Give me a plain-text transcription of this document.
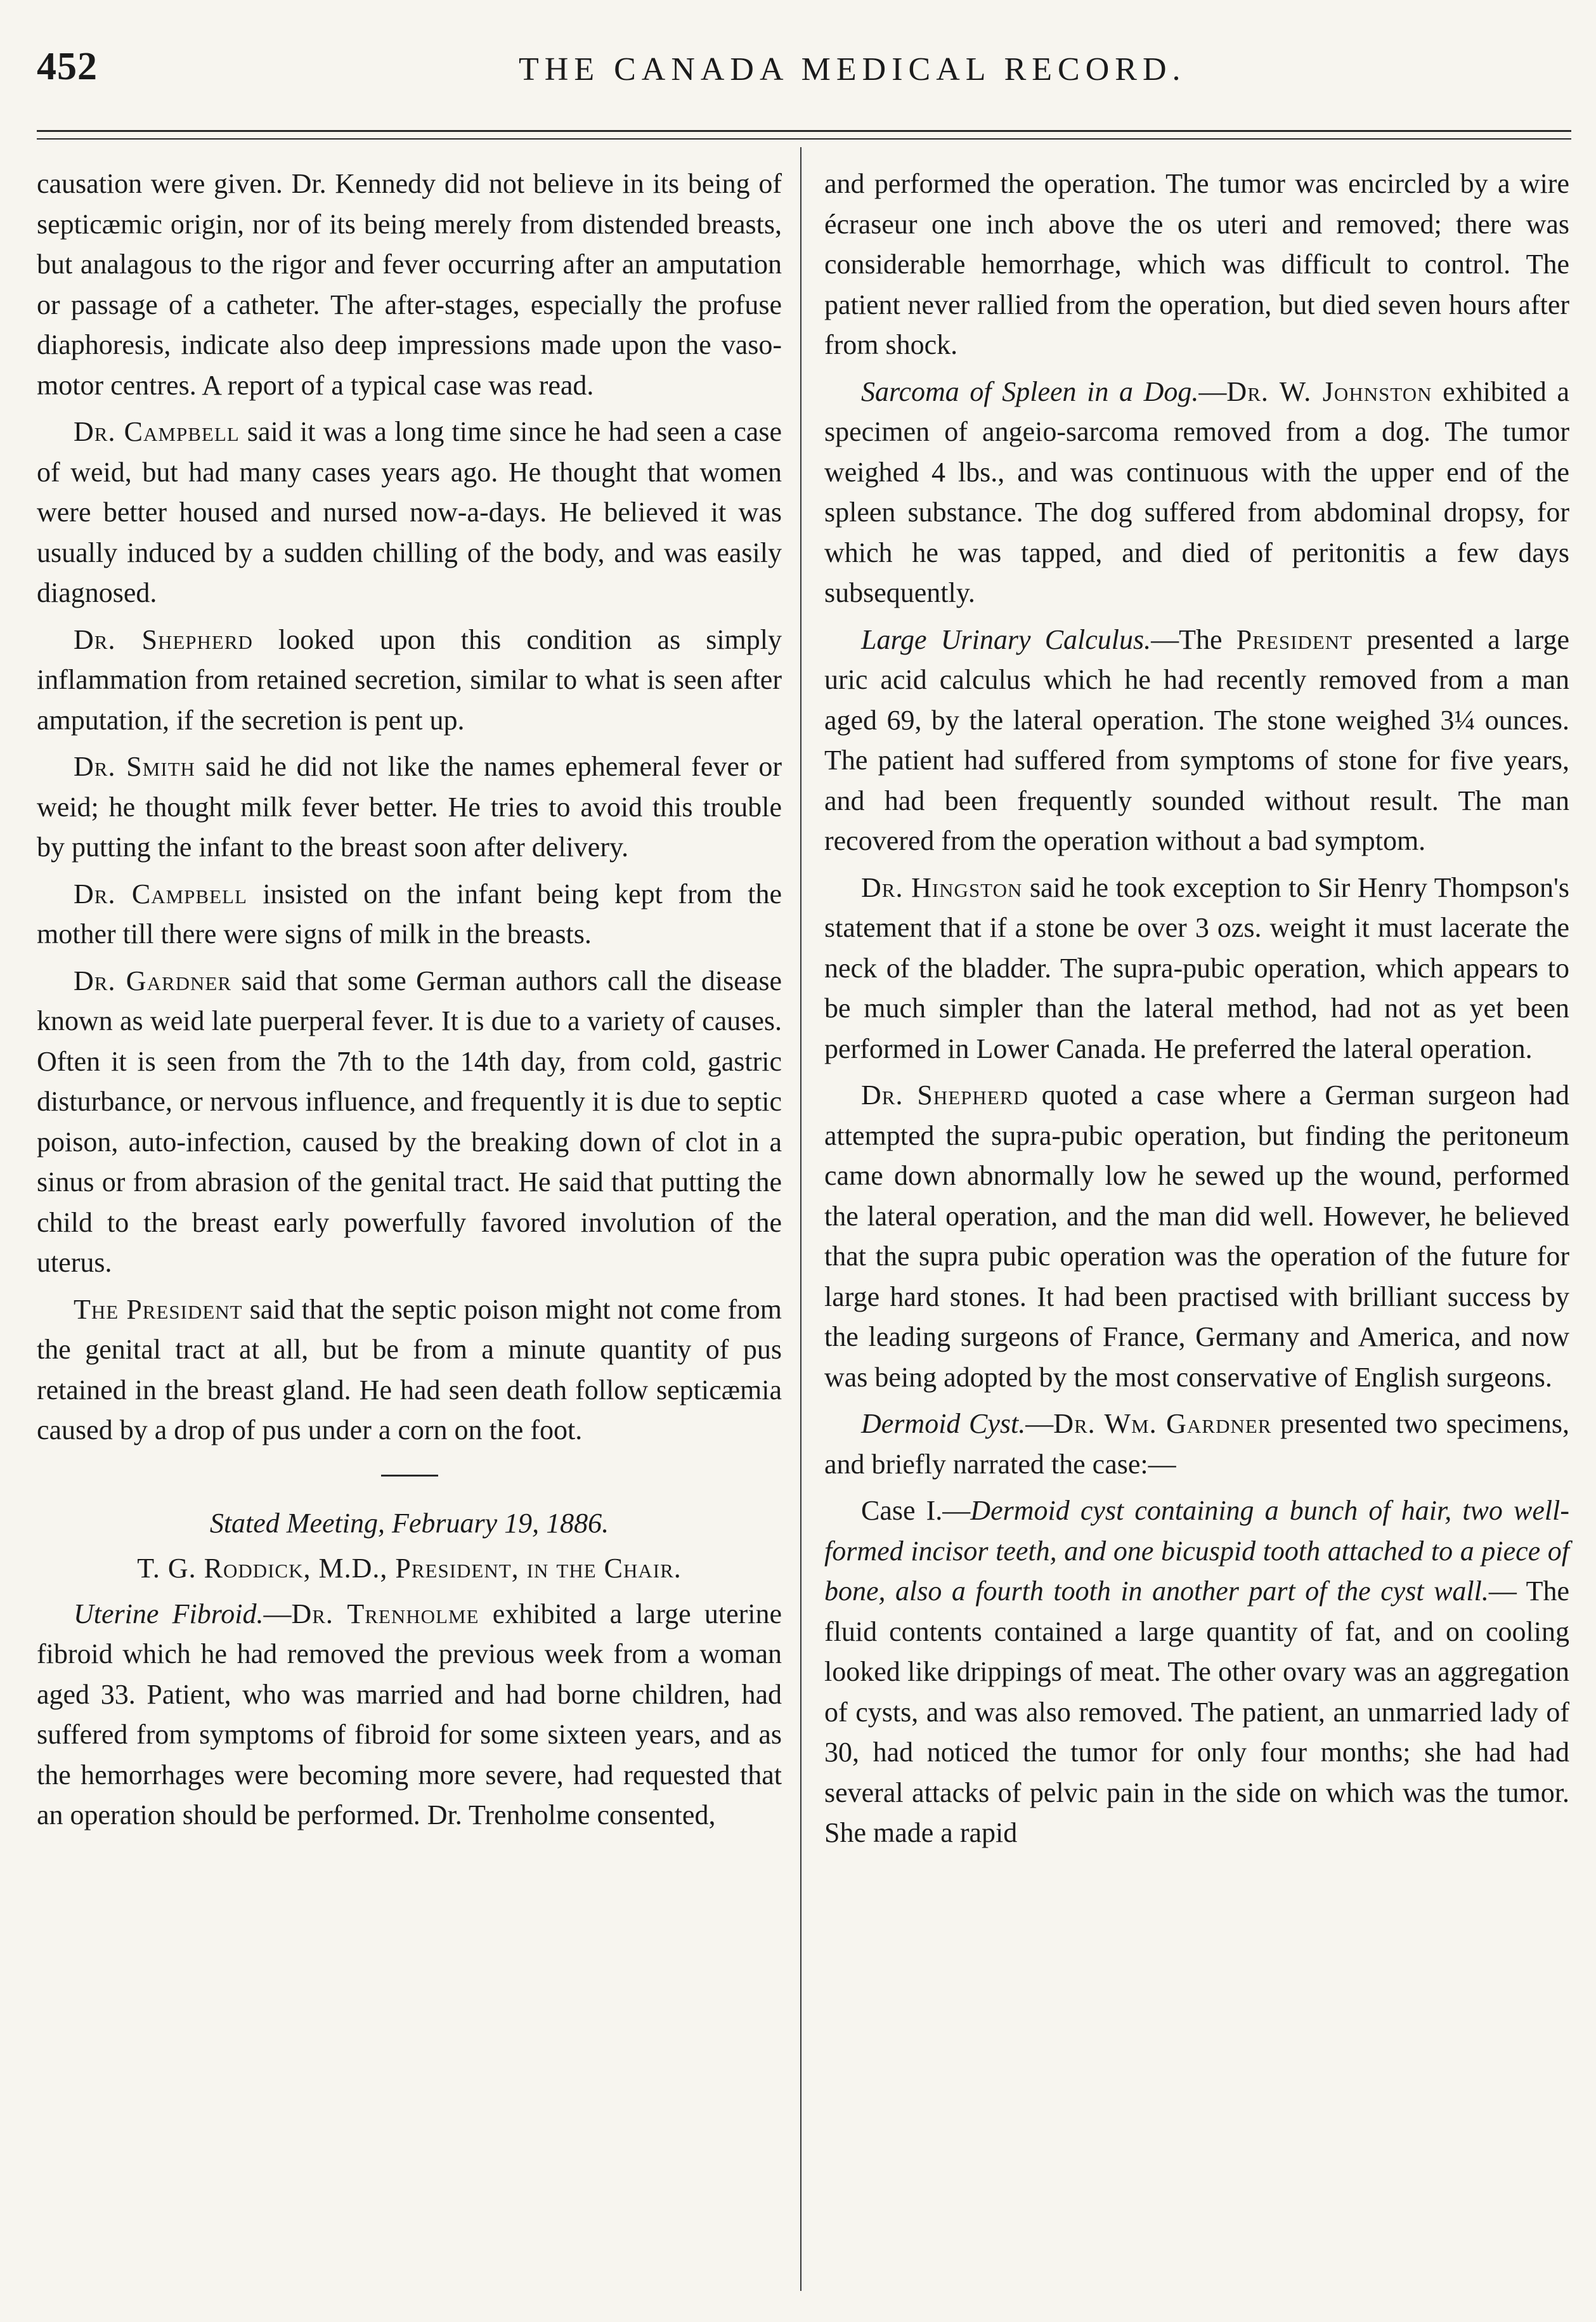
452	THE CANADA MEDICAL RECORD.

causation were given. Dr. Kennedy did not believe in its being of septicæmic origin, nor of its being merely from distended breasts, but analagous to the rigor and fever occurring after an amputation or passage of a catheter. The after-stages, especially the profuse diaphoresis, indicate also deep impressions made upon the vaso-motor centres. A report of a typical case was read.

Dr. Campbell said it was a long time since he had seen a case of weid, but had many cases years ago. He thought that women were better housed and nursed now-a-days. He believed it was usually induced by a sudden chilling of the body, and was easily diagnosed.

Dr. Shepherd looked upon this condition as simply inflammation from retained secretion, similar to what is seen after amputation, if the secretion is pent up.

Dr. Smith said he did not like the names ephemeral fever or weid; he thought milk fever better. He tries to avoid this trouble by putting the infant to the breast soon after delivery.

Dr. Campbell insisted on the infant being kept from the mother till there were signs of milk in the breasts.

Dr. Gardner said that some German authors call the disease known as weid late puerperal fever. It is due to a variety of causes. Often it is seen from the 7th to the 14th day, from cold, gastric disturbance, or nervous influence, and frequently it is due to septic poison, auto-infection, caused by the breaking down of clot in a sinus or from abrasion of the genital tract. He said that putting the child to the breast early powerfully favored involution of the uterus.

The President said that the septic poison might not come from the genital tract at all, but be from a minute quantity of pus retained in the breast gland. He had seen death follow septicæmia caused by a drop of pus under a corn on the foot.

Stated Meeting, February 19, 1886.

T. G. Roddick, M.D., President, in the Chair.

Uterine Fibroid.—Dr. Trenholme exhibited a large uterine fibroid which he had removed the previous week from a woman aged 33. Patient, who was married and had borne children, had suffered from symptoms of fibroid for some sixteen years, and as the hemorrhages were becoming more severe, had requested that an operation should be performed. Dr. Trenholme consented,

and performed the operation. The tumor was encircled by a wire écraseur one inch above the os uteri and removed; there was considerable hemorrhage, which was difficult to control. The patient never rallied from the operation, but died seven hours after from shock.

Sarcoma of Spleen in a Dog.—Dr. W. Johnston exhibited a specimen of angeio-sarcoma removed from a dog. The tumor weighed 4 lbs., and was continuous with the upper end of the spleen substance. The dog suffered from abdominal dropsy, for which he was tapped, and died of peritonitis a few days subsequently.

Large Urinary Calculus.—The President presented a large uric acid calculus which he had recently removed from a man aged 69, by the lateral operation. The stone weighed 3¼ ounces. The patient had suffered from symptoms of stone for five years, and had been frequently sounded without result. The man recovered from the operation without a bad symptom.

Dr. Hingston said he took exception to Sir Henry Thompson's statement that if a stone be over 3 ozs. weight it must lacerate the neck of the bladder. The supra-pubic operation, which appears to be much simpler than the lateral method, had not as yet been performed in Lower Canada. He preferred the lateral operation.

Dr. Shepherd quoted a case where a German surgeon had attempted the supra-pubic operation, but finding the peritoneum came down abnormally low he sewed up the wound, performed the lateral operation, and the man did well. However, he believed that the supra pubic operation was the operation of the future for large hard stones. It had been practised with brilliant success by the leading surgeons of France, Germany and America, and now was being adopted by the most conservative of English surgeons.

Dermoid Cyst.—Dr. Wm. Gardner presented two specimens, and briefly narrated the case:—

Case I.—Dermoid cyst containing a bunch of hair, two well-formed incisor teeth, and one bicuspid tooth attached to a piece of bone, also a fourth tooth in another part of the cyst wall.— The fluid contents contained a large quantity of fat, and on cooling looked like drippings of meat. The other ovary was an aggregation of cysts, and was also removed. The patient, an unmarried lady of 30, had noticed the tumor for only four months; she had had several attacks of pelvic pain in the side on which was the tumor. She made a rapid
